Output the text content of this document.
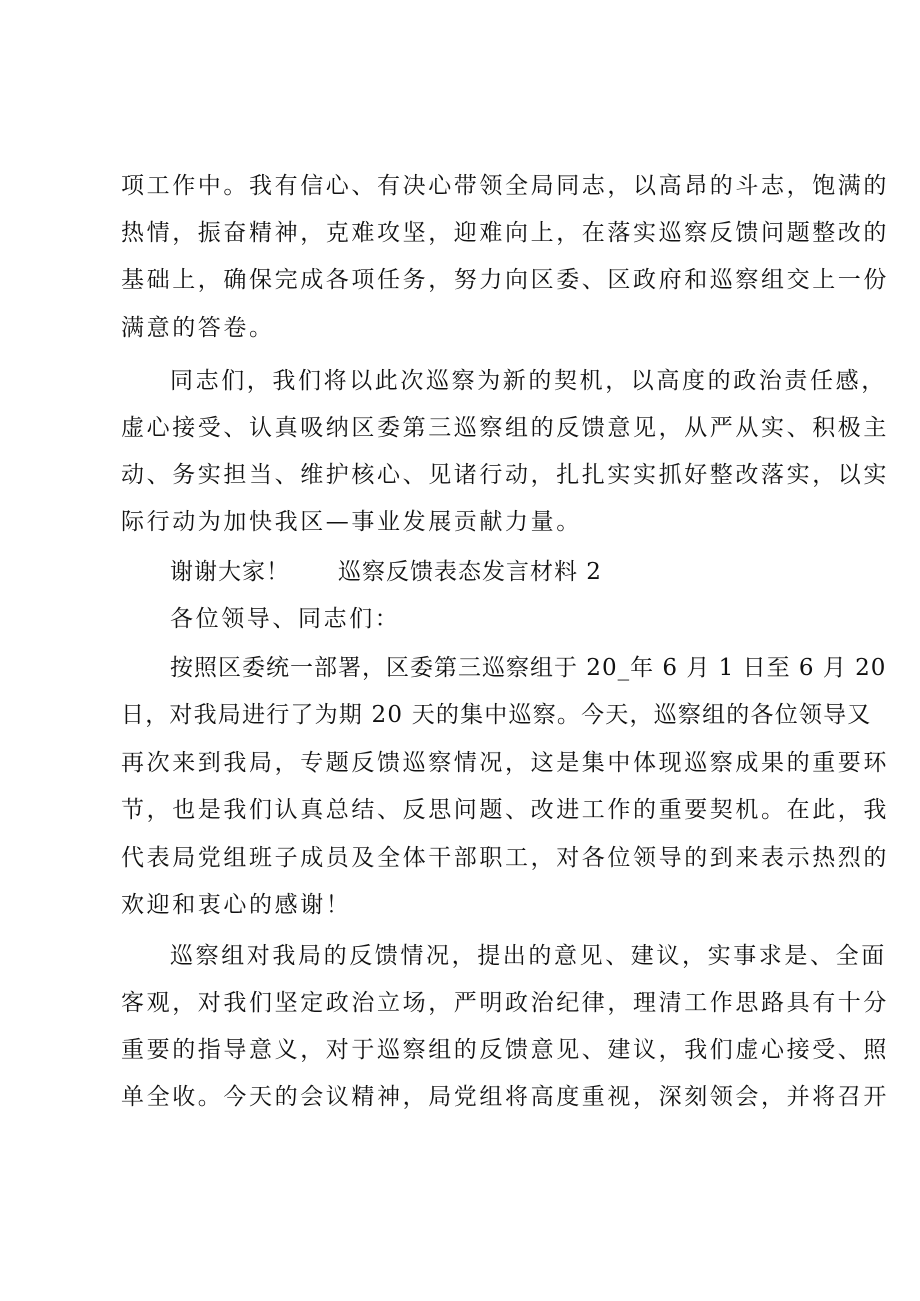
项工作中。我有信心、有决心带领全局同志，以高昂的斗志，饱满的

热情，振奋精神，克难攻坚，迎难向上，在落实巡察反馈问题整改的

基础上，确保完成各项任务，努力向区委、区政府和巡察组交上一份

满意的答卷。

同志们，我们将以此次巡察为新的契机，以高度的政治责任感，

虚心接受、认真吸纳区委第三巡察组的反馈意见，从严从实、积极主

动、务实担当、维护核心、见诸行动，扎扎实实抓好整改落实，以实

际行动为加快我区—事业发展贡献力量。

谢谢大家！　　巡察反馈表态发言材料 2

各位领导、同志们：

按照区委统一部署，区委第三巡察组于 20_年 6 月 1 日至 6 月 20

日，对我局进行了为期 20 天的集中巡察。今天，巡察组的各位领导又

再次来到我局，专题反馈巡察情况，这是集中体现巡察成果的重要环

节，也是我们认真总结、反思问题、改进工作的重要契机。在此，我

代表局党组班子成员及全体干部职工，对各位领导的到来表示热烈的

欢迎和衷心的感谢！

巡察组对我局的反馈情况，提出的意见、建议，实事求是、全面

客观，对我们坚定政治立场，严明政治纪律，理清工作思路具有十分

重要的指导意义，对于巡察组的反馈意见、建议，我们虚心接受、照

单全收。今天的会议精神，局党组将高度重视，深刻领会，并将召开
